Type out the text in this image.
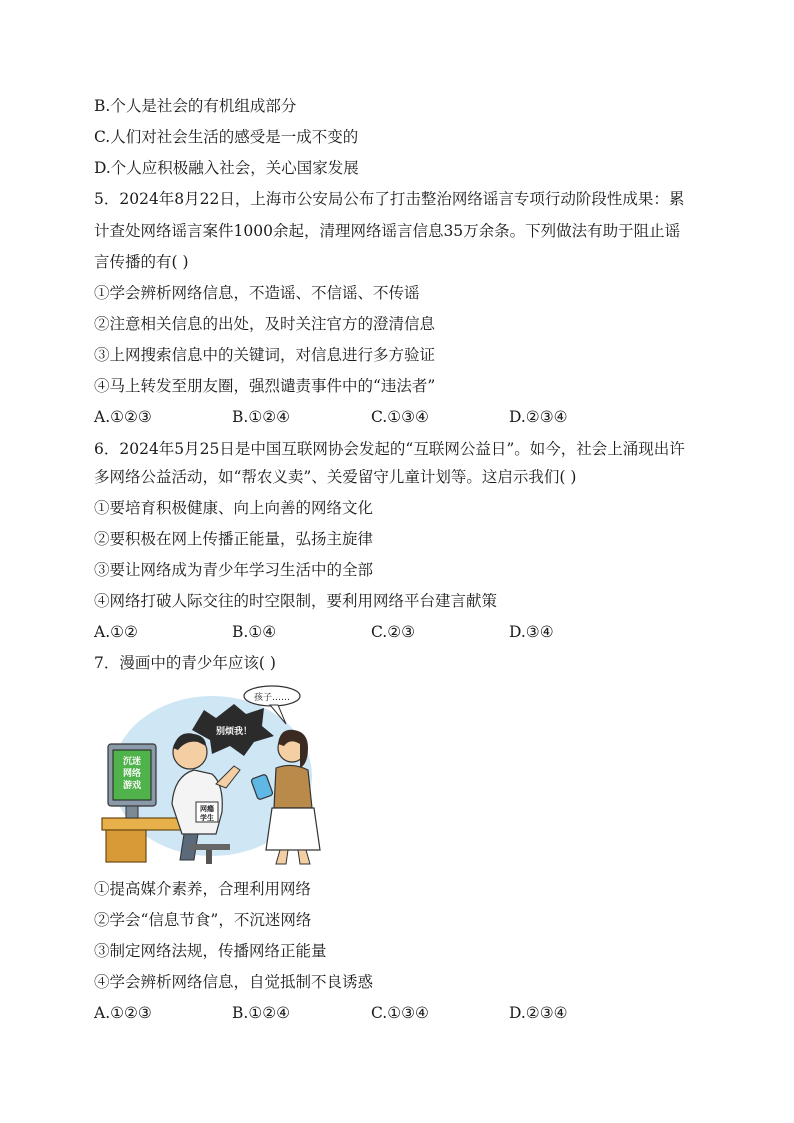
B.个人是社会的有机组成部分
C.人们对社会生活的感受是一成不变的
D.个人应积极融入社会，关心国家发展
5．2024年8月22日，上海市公安局公布了打击整治网络谣言专项行动阶段性成果：累
计查处网络谣言案件1000余起，清理网络谣言信息35万余条。下列做法有助于阻止谣
言传播的有( )
①学会辨析网络信息，不造谣、不信谣、不传谣
②注意相关信息的出处，及时关注官方的澄清信息
③上网搜索信息中的关键词，对信息进行多方验证
④马上转发至朋友圈，强烈谴责事件中的“违法者”
A.①②③	B.①②④	C.①③④	D.②③④
6．2024年5月25日是中国互联网协会发起的“互联网公益日”。如今，社会上涌现出许
多网络公益活动，如“帮农义卖”、关爱留守儿童计划等。这启示我们( )
①要培育积极健康、向上向善的网络文化
②要积极在网上传播正能量，弘扬主旋律
③要让网络成为青少年学习生活中的全部
④网络打破人际交往的时空限制，要利用网络平台建言献策
A.①②	B.①④	C.②③	D.③④
7．漫画中的青少年应该( )
沉迷
网络
游戏
网瘾
学生
别烦我！
孩子……
①提高媒介素养，合理利用网络
②学会“信息节食”，不沉迷网络
③制定网络法规，传播网络正能量
④学会辨析网络信息，自觉抵制不良诱惑
A.①②③	B.①②④	C.①③④	D.②③④
